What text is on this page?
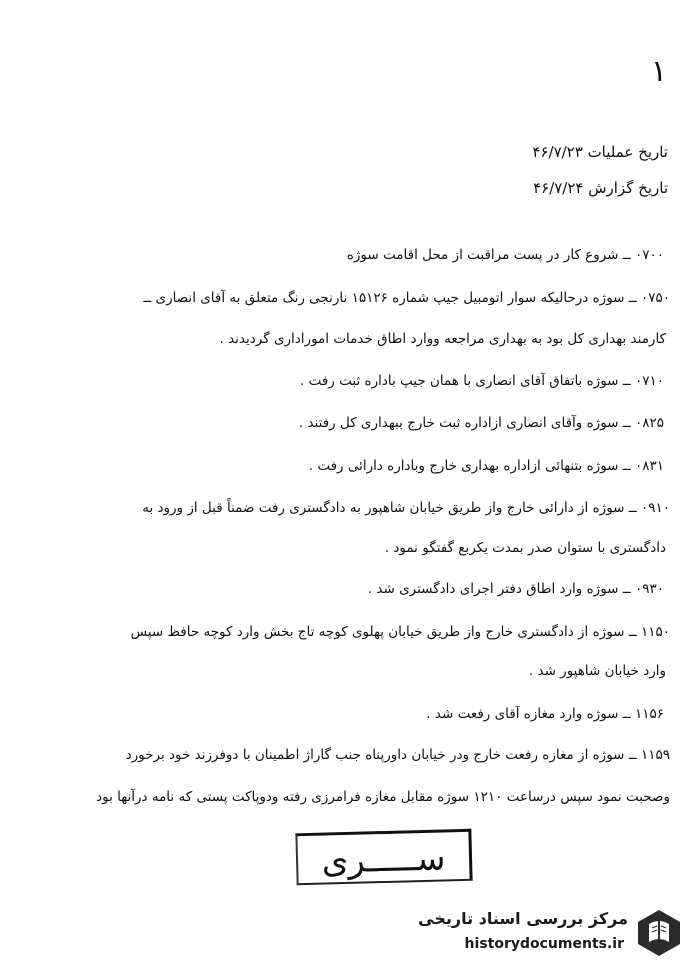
۱
تاریخ عملیات ۴۶/۷/۲۳
تاریخ گزارش ۴۶/۷/۲۴
۰۷۰۰ ــ شروع کار در پست مراقبت از محل اقامت سوژه
۰۷۵۰ ــ سوژه درحالیکه سوار اتومبیل جیپ شماره ۱۵۱۲۶ نارنجی رنگ متعلق به آقای انصاری ــ
کارمند بهداری کل بود به بهداری مراجعه ووارد اطاق خدمات اموراداری گردیدند .
۰۷۱۰ ــ سوژه باتفاق آقای انصاری با همان جیپ باداره ثبت رفت .
۰۸۲۵ ــ سوژه وآقای انصاری ازاداره ثبت خارج ببهداری کل رفتند .
۰۸۳۱ ــ سوژه بتنهائی ازاداره بهداری خارج وباداره دارائی رفت .
۰۹۱۰ ــ سوژه از دارائی خارج واز طریق خیابان شاهپور به دادگستری رفت ضمناً قبل از ورود به
دادگستری با ستوان صدر بمدت یکربع گفتگو نمود .
۰۹۳۰ ــ سوژه وارد اطاق دفتر اجرای دادگستری شد .
۱۱۵۰ ــ سوژه از دادگستری خارج واز طریق خیابان پهلوی کوچه تاج بخش وارد کوچه حافظ سپس
وارد خیابان شاهپور شد .
۱۱۵۶ ــ سوژه وارد مغازه آقای رفعت شد .
۱۱۵۹ ــ سوژه از مغازه رفعت خارج ودر خیابان داورپناه جنب گاراژ اطمینان با دوفرزند خود برخورد
وصحبت نمود سپس درساعت ۱۲۱۰ سوژه مقابل مغازه فرامرزی رفته ودوپاکت پستی که نامه درآنها بود
ســـــری
مرکز بررسی اسناد تاریخی
historydocuments.ir
